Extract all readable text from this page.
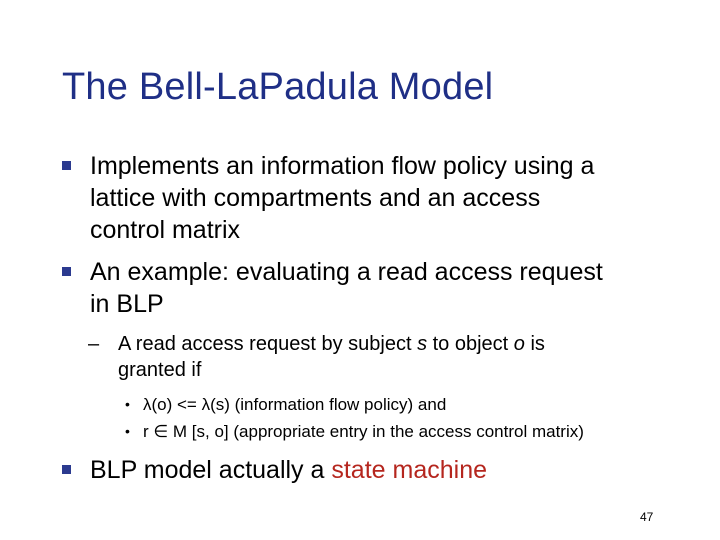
The Bell-LaPadula Model
Implements an information flow policy using a
lattice with compartments and an access
control matrix
An example: evaluating a read access request
in BLP
– A read access request by subject s to object o is
granted if
• λ(o) <= λ(s) (information flow policy) and
• r ∈ M [s, o] (appropriate entry in the access control matrix)
BLP model actually a state machine
47
